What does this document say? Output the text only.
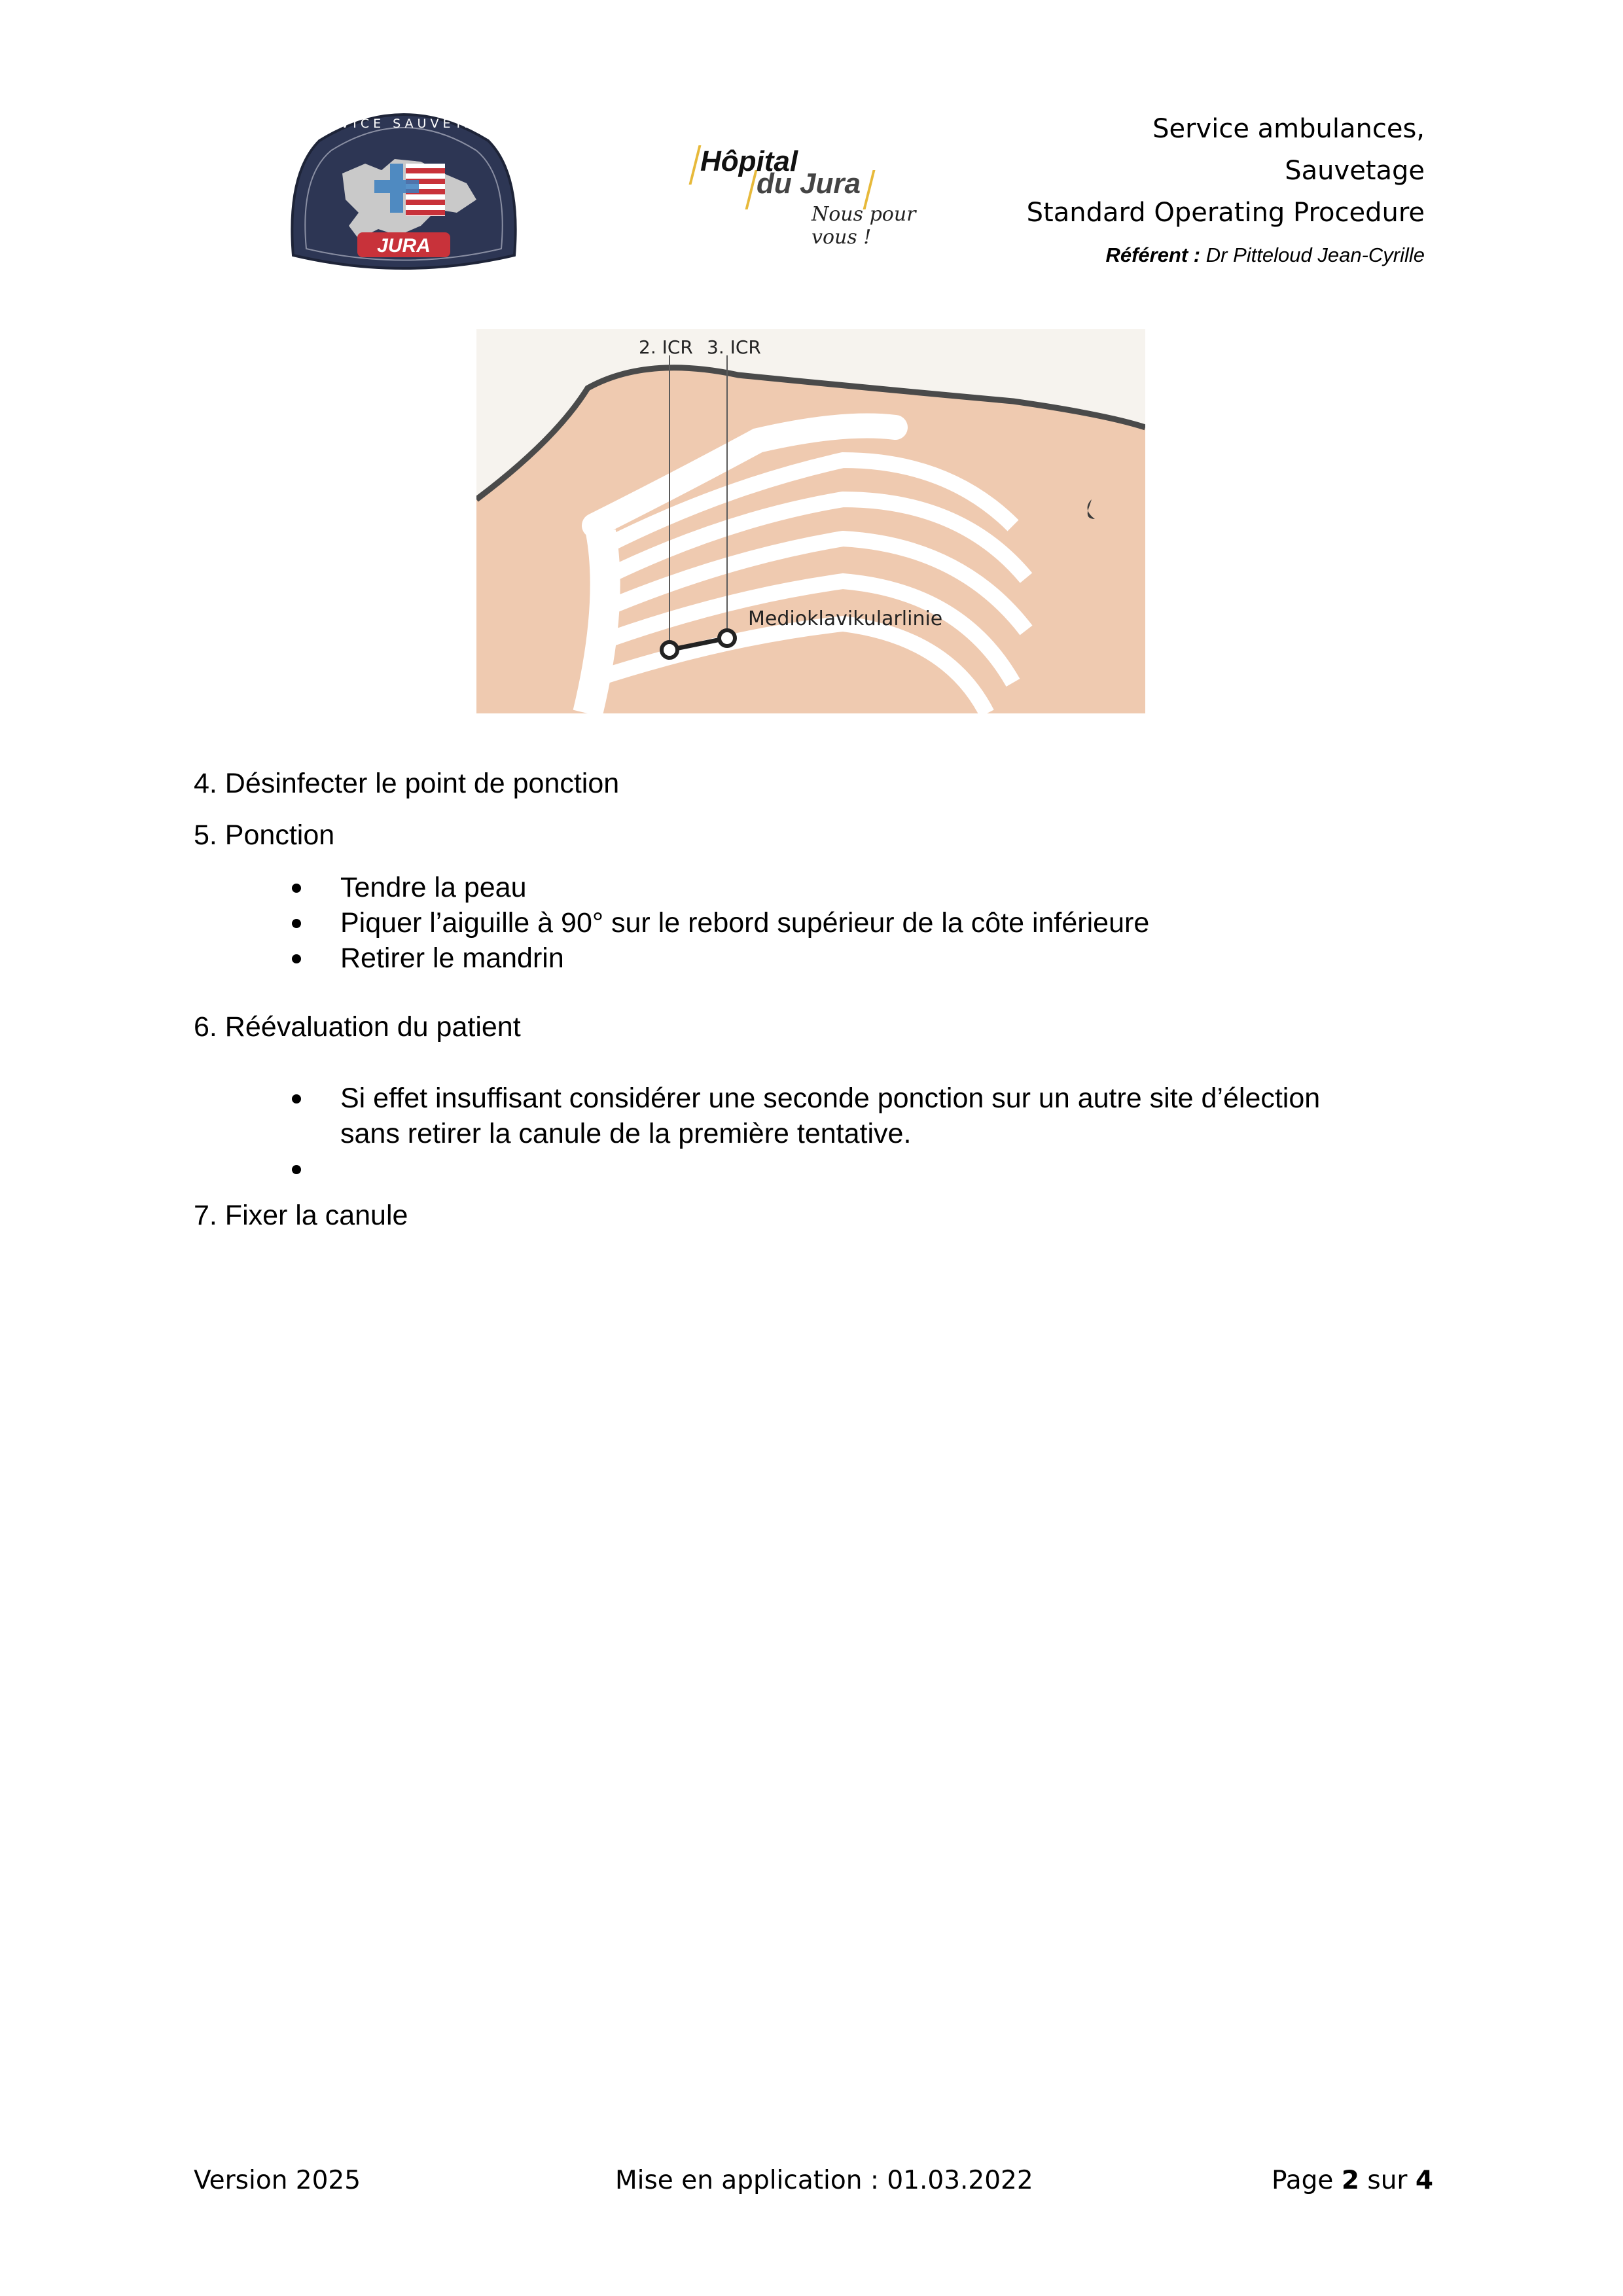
SERVICE SAUVETAGE
JURA
Hôpital
du Jura
Nous pour vous !
Service ambulances,
Sauvetage
Standard Operating Procedure
Référent : Dr Pitteloud Jean-Cyrille
2. ICR 3. ICR
Medioklavikularlinie
4. Désinfecter le point de ponction
5. Ponction
Tendre la peau
Piquer l’aiguille à 90° sur le rebord supérieur de la côte inférieure
Retirer le mandrin
6. Réévaluation du patient
Si effet insuffisant considérer une seconde ponction sur un autre site d’élection
sans retirer la canule de la première tentative.
7. Fixer la canule
Version 2025	Mise en application : 01.03.2022	Page 2 sur 4
